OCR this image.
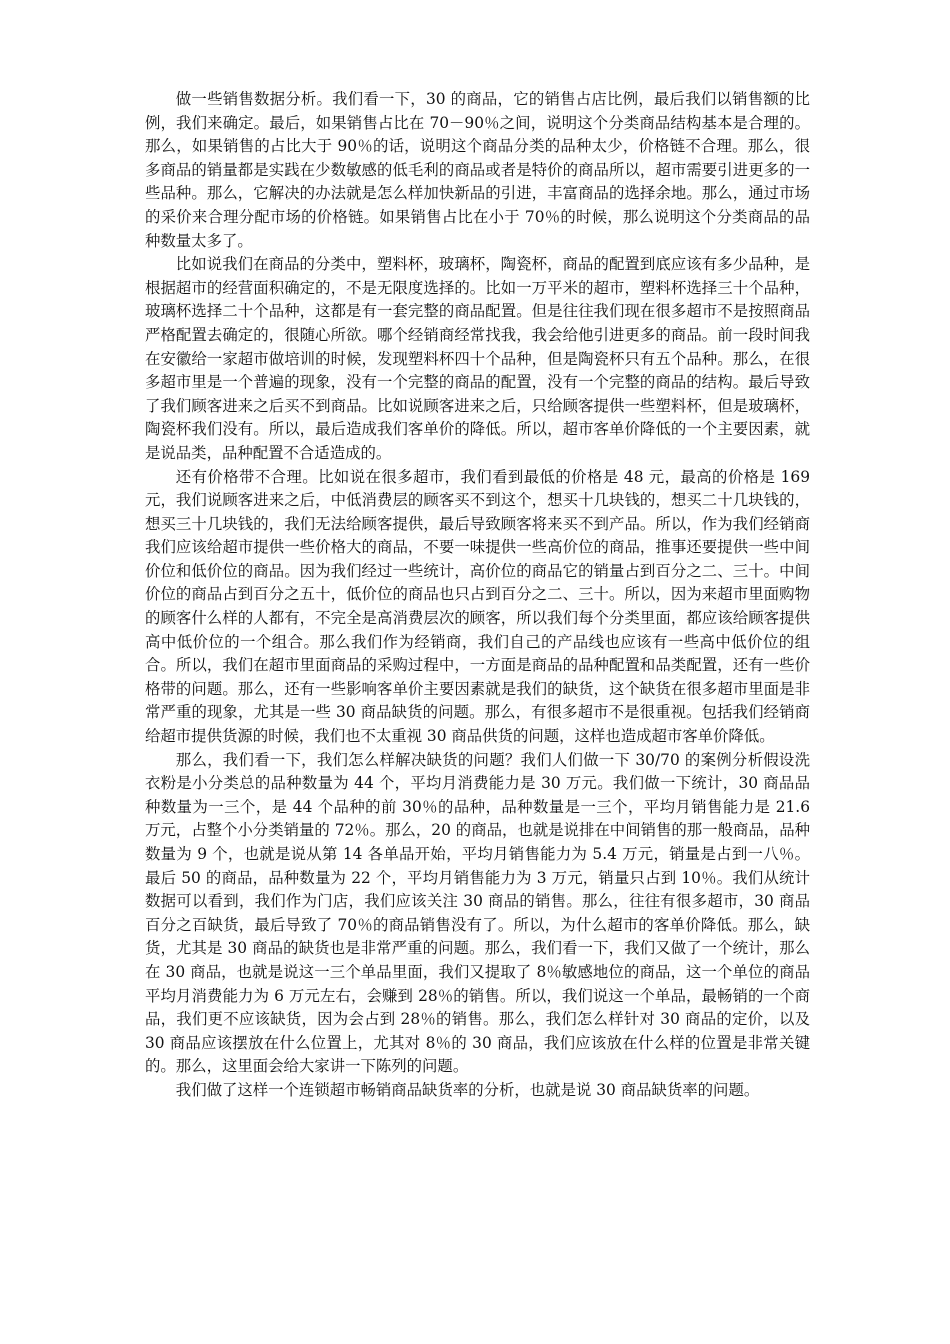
做一些销售数据分析。我们看一下，30 的商品，它的销售占店比例，最后我们以销售额的比例，我们来确定。最后，如果销售占比在 70－90％之间，说明这个分类商品结构基本是合理的。那么，如果销售的占比大于 90％的话，说明这个商品分类的品种太少，价格链不合理。那么，很多商品的销量都是实践在少数敏感的低毛利的商品或者是特价的商品所以，超市需要引进更多的一些品种。那么，它解决的办法就是怎么样加快新品的引进，丰富商品的选择余地。那么，通过市场的采价来合理分配市场的价格链。如果销售占比在小于 70％的时候，那么说明这个分类商品的品种数量太多了。

比如说我们在商品的分类中，塑料杯，玻璃杯，陶瓷杯，商品的配置到底应该有多少品种，是根据超市的经营面积确定的，不是无限度选择的。比如一万平米的超市，塑料杯选择三十个品种，玻璃杯选择二十个品种，这都是有一套完整的商品配置。但是往往我们现在很多超市不是按照商品严格配置去确定的，很随心所欲。哪个经销商经常找我，我会给他引进更多的商品。前一段时间我在安徽给一家超市做培训的时候，发现塑料杯四十个品种，但是陶瓷杯只有五个品种。那么，在很多超市里是一个普遍的现象，没有一个完整的商品的配置，没有一个完整的商品的结构。最后导致了我们顾客进来之后买不到商品。比如说顾客进来之后，只给顾客提供一些塑料杯，但是玻璃杯，陶瓷杯我们没有。所以，最后造成我们客单价的降低。所以，超市客单价降低的一个主要因素，就是说品类，品种配置不合适造成的。

还有价格带不合理。比如说在很多超市，我们看到最低的价格是 48 元，最高的价格是 169 元，我们说顾客进来之后，中低消费层的顾客买不到这个，想买十几块钱的，想买二十几块钱的，想买三十几块钱的，我们无法给顾客提供，最后导致顾客将来买不到产品。所以，作为我们经销商我们应该给超市提供一些价格大的商品，不要一味提供一些高价位的商品，推事还要提供一些中间价位和低价位的商品。因为我们经过一些统计，高价位的商品它的销量占到百分之二、三十。中间价位的商品占到百分之五十，低价位的商品也只占到百分之二、三十。所以，因为来超市里面购物的顾客什么样的人都有，不完全是高消费层次的顾客，所以我们每个分类里面，都应该给顾客提供高中低价位的一个组合。那么我们作为经销商，我们自己的产品线也应该有一些高中低价位的组合。所以，我们在超市里面商品的采购过程中，一方面是商品的品种配置和品类配置，还有一些价格带的问题。那么，还有一些影响客单价主要因素就是我们的缺货，这个缺货在很多超市里面是非常严重的现象，尤其是一些 30 商品缺货的问题。那么，有很多超市不是很重视。包括我们经销商给超市提供货源的时候，我们也不太重视 30 商品供货的问题，这样也造成超市客单价降低。

那么，我们看一下，我们怎么样解决缺货的问题？我们人们做一下 30/70 的案例分析假设洗衣粉是小分类总的品种数量为 44 个，平均月消费能力是 30 万元。我们做一下统计，30 商品品种数量为一三个，是 44 个品种的前 30％的品种，品种数量是一三个，平均月销售能力是 21.6 万元，占整个小分类销量的 72％。那么，20 的商品，也就是说排在中间销售的那一般商品，品种数量为 9 个，也就是说从第 14 各单品开始，平均月销售能力为 5.4 万元，销量是占到一八％。最后 50 的商品，品种数量为 22 个，平均月销售能力为 3 万元，销量只占到 10％。我们从统计数据可以看到，我们作为门店，我们应该关注 30 商品的销售。那么，往往有很多超市，30 商品百分之百缺货，最后导致了 70％的商品销售没有了。所以，为什么超市的客单价降低。那么，缺货，尤其是 30 商品的缺货也是非常严重的问题。那么，我们看一下，我们又做了一个统计，那么在 30 商品，也就是说这一三个单品里面，我们又提取了 8％敏感地位的商品，这一个单位的商品平均月消费能力为 6 万元左右，会赚到 28％的销售。所以，我们说这一个单品，最畅销的一个商品，我们更不应该缺货，因为会占到 28％的销售。那么，我们怎么样针对 30 商品的定价，以及 30 商品应该摆放在什么位置上，尤其对 8％的 30 商品，我们应该放在什么样的位置是非常关键的。那么，这里面会给大家讲一下陈列的问题。

我们做了这样一个连锁超市畅销商品缺货率的分析，也就是说 30 商品缺货率的问题。
